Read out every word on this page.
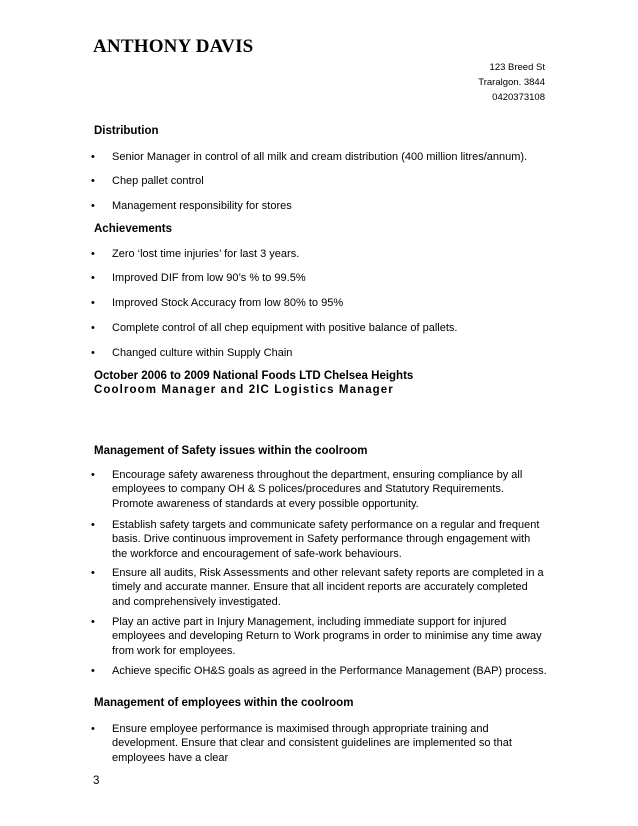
ANTHONY DAVIS
123 Breed St
Traralgon. 3844
0420373108
Distribution
• Senior Manager in control of all milk and cream distribution (400 million litres/annum).
• Chep pallet control
• Management responsibility for stores
Achievements
• Zero ‘lost time injuries’ for last 3 years.
• Improved DIF from low 90’s % to 99.5%
• Improved Stock Accuracy from low 80% to 95%
• Complete control of all chep equipment with positive balance of pallets.
• Changed culture within Supply Chain
October 2006 to 2009 National Foods LTD Chelsea Heights
Coolroom Manager and 2IC Logistics Manager
Management of Safety issues within the coolroom
• Encourage safety awareness throughout the department, ensuring compliance by all employees to company OH & S polices/procedures and Statutory Requirements. Promote awareness of standards at every possible opportunity.
• Establish safety targets and communicate safety performance on a regular and frequent basis. Drive continuous improvement in Safety performance through engagement with the workforce and encouragement of safe-work behaviours.
• Ensure all audits, Risk Assessments and other relevant safety reports are completed in a timely and accurate manner. Ensure that all incident reports are accurately completed and comprehensively investigated.
• Play an active part in Injury Management, including immediate support for injured employees and developing Return to Work programs in order to minimise any time away from work for employees.
• Achieve specific OH&S goals as agreed in the Performance Management (BAP) process.
Management of employees within the coolroom
• Ensure employee performance is maximised through appropriate training and development. Ensure that clear and consistent guidelines are implemented so that employees have a clear
3
